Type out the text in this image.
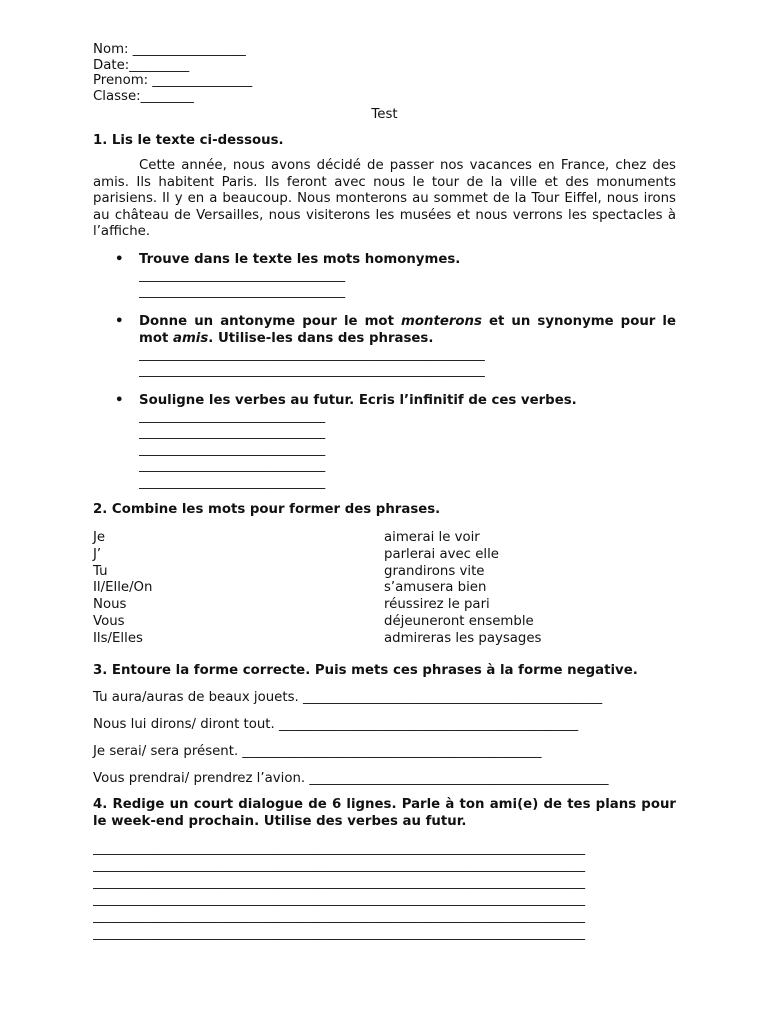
Nom: _________________
Date:_________
Prenom: _______________
Classe:________
Test
1. Lis le texte ci-dessous.
Cette année, nous avons décidé de passer nos vacances en France, chez des amis. Ils habitent Paris. Ils feront avec nous le tour de la ville et des monuments parisiens. Il y en a beaucoup. Nous monterons au sommet de la Tour Eiffel, nous irons au château de Versailles, nous visiterons les musées et nous verrons les spectacles à l’affiche.
• Trouve dans le texte les mots homonymes.
_______________________________
_______________________________
• Donne un antonyme pour le mot monterons et un synonyme pour le mot amis. Utilise-les dans des phrases.
____________________________________________________
____________________________________________________
• Souligne les verbes au futur. Ecris l’infinitif de ces verbes.
____________________________
____________________________
____________________________
____________________________
____________________________
2. Combine les mots pour former des phrases.
Je
J’
Tu
Il/Elle/On
Nous
Vous
Ils/Elles
aimerai le voir
parlerai avec elle
grandirons vite
s’amusera bien
réussirez le pari
déjeuneront ensemble
admireras les paysages
3. Entoure la forme correcte. Puis mets ces phrases à la forme negative.
Tu aura/auras de beaux jouets. _____________________________________________
Nous lui dirons/ diront tout. _____________________________________________
Je serai/ sera présent. _____________________________________________
Vous prendrai/ prendrez l’avion. _____________________________________________
4. Redige un court dialogue de 6 lignes. Parle à ton ami(e) de tes plans pour le week-end prochain. Utilise des verbes au futur.
__________________________________________________________________________
__________________________________________________________________________
__________________________________________________________________________
__________________________________________________________________________
__________________________________________________________________________
__________________________________________________________________________
